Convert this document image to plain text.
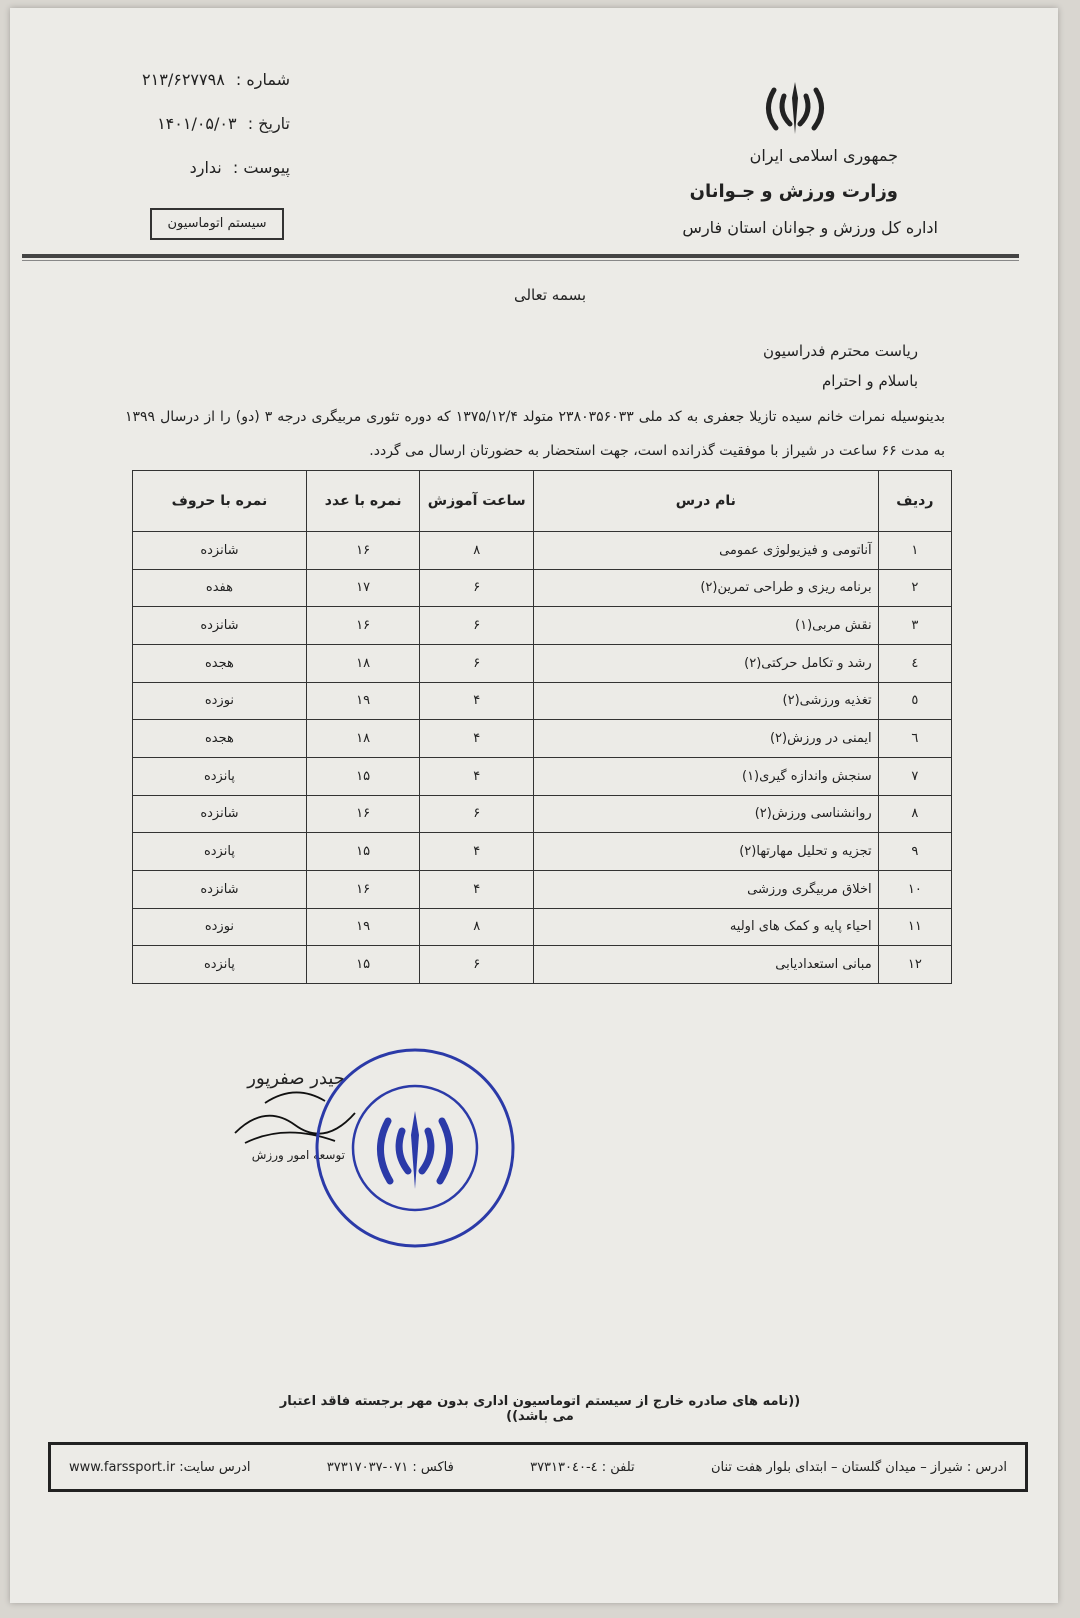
شماره : ۲۱۳/۶۲۷۷۹۸
تاریخ : ۱۴۰۱/۰۵/۰۳
پیوست : ندارد
سیستم اتوماسیون
جمهوری اسلامی ایران
وزارت ورزش و جـوانان
اداره کل ورزش و جوانان استان فارس
بسمه تعالی
ریاست محترم فدراسیون
باسلام و احترام
بدینوسیله نمرات خانم سیده تازیلا جعفری به کد ملی ۲۳۸۰۳۵۶۰۳۳ متولد ۱۳۷۵/۱۲/۴ که دوره تئوری مربیگری درجه ۳ (دو) را از درسال ۱۳۹۹ به مدت ۶۶ ساعت در شیراز با موفقیت گذرانده است، جهت استحضار به حضورتان ارسال می گردد.
ردیف	نام درس	ساعت آموزش	نمره با عدد	نمره با حروف
۱	آناتومی و فیزیولوژی عمومی	۸	۱۶	شانزده
۲	برنامه ریزی و طراحی تمرین(۲)	۶	۱۷	هفده
۳	نقش مربی(۱)	۶	۱۶	شانزده
٤	رشد و تکامل حرکتی(۲)	۶	۱۸	هجده
٥	تغذیه ورزشی(۲)	۴	۱۹	نوزده
٦	ایمنی در ورزش(۲)	۴	۱۸	هجده
۷	سنجش واندازه گیری(۱)	۴	۱۵	پانزده
۸	روانشناسی ورزش(۲)	۶	۱۶	شانزده
۹	تجزیه و تحلیل مهارتها(۲)	۴	۱۵	پانزده
۱۰	اخلاق مربیگری ورزشی	۴	۱۶	شانزده
۱۱	احیاء پایه و کمک های اولیه	۸	۱۹	نوزده
۱۲	مبانی استعدادیابی	۶	۱۵	پانزده
حیدر صفرپور
توسعه امور ورزش
((نامه های صادره خارج از سیستم اتوماسیون اداری بدون مهر برجسته فاقد اعتبار می باشد))
ادرس : شیراز – میدان گلستان – ابتدای بلوار هفت تنان
تلفن : ٤-۳۷۳۱۳۰٤۰
فاکس : ۰۷۱-۳۷۳۱۷۰۳۷
ادرس سایت: www.farssport.ir
